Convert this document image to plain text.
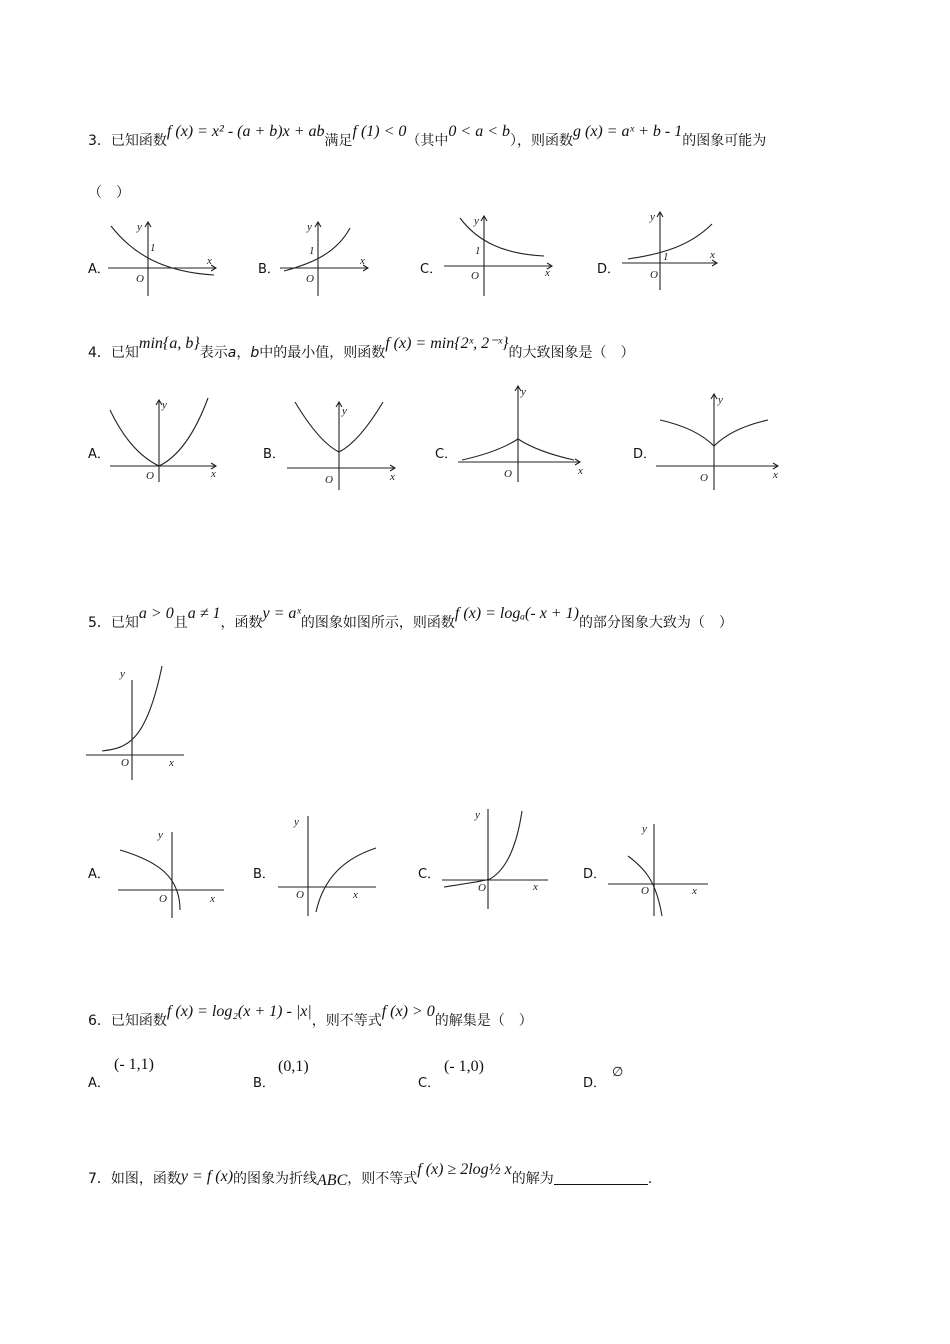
3．已知函数f (x) = x² - (a + b)x + ab满足f (1) < 0（其中0 < a < b），则函数g (x) = aˣ + b - 1的图象可能为
（　）
A．
y
x
O
1
B．
y
x
O
1
C．
y
x
O
1
D．
y
x
O
1
4．已知min{a, b}表示a，b中的最小值，则函数f (x) = min{2ˣ, 2⁻ˣ}的大致图象是（　）
A．
y
x
O
B．
y
x
O
C．
y
x
O
D．
y
x
O
5．已知a > 0且a ≠ 1，函数y = aˣ的图象如图所示，则函数f (x) = logₐ(- x + 1)的部分图象大致为（　）
y
x
O
A．
y
x
O
B．
y
x
O
C．
y
x
O
D．
y
x
O
6．已知函数f (x) = log₂(x + 1) - |x|，则不等式f (x) > 0的解集是（　）
A．
(- 1,1)
B．
(0,1)
C．
(- 1,0)
D．
∅
7．如图，函数y = f (x)的图象为折线ABC，则不等式f (x) ≥ 2log½ x的解为	.
